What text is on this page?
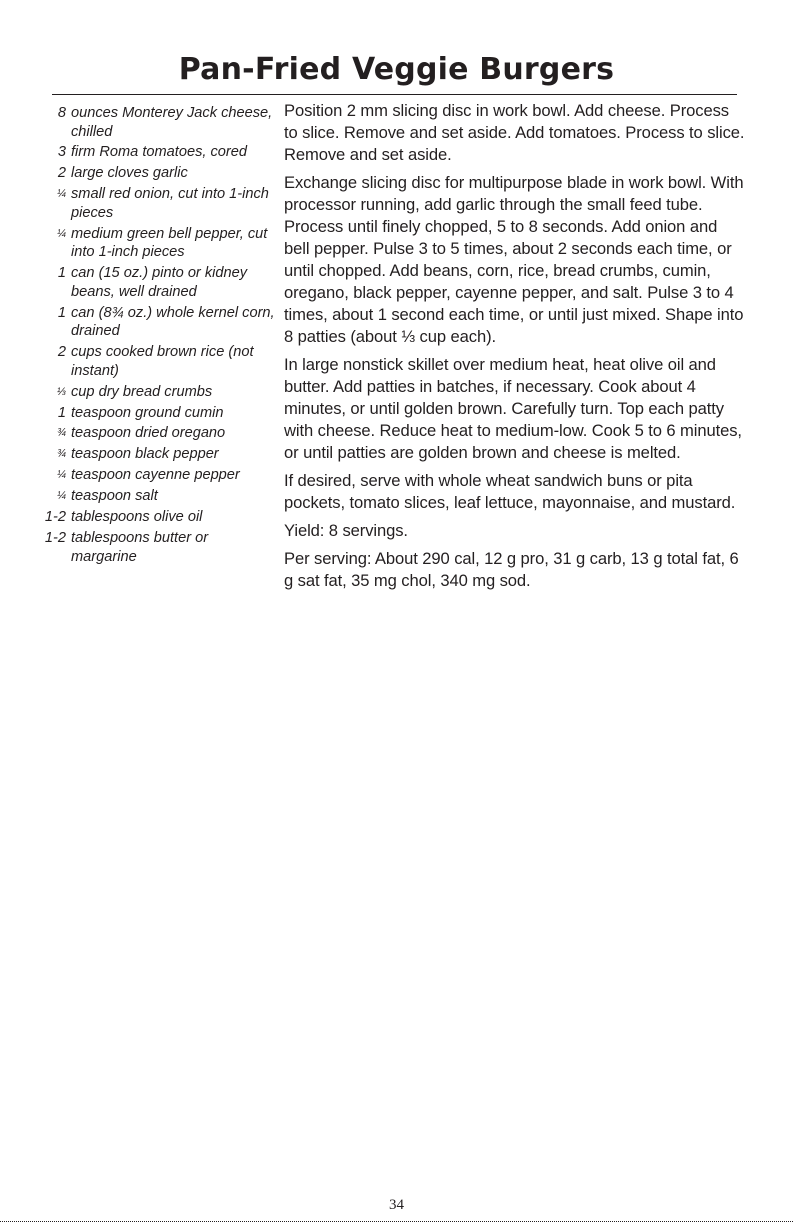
Pan-Fried Veggie Burgers
8 ounces Monterey Jack cheese, chilled
3 firm Roma tomatoes, cored
2 large cloves garlic
¼ small red onion, cut into 1-inch pieces
¼ medium green bell pepper, cut into 1-inch pieces
1 can (15 oz.) pinto or kidney beans, well drained
1 can (8¾ oz.) whole kernel corn, drained
2 cups cooked brown rice (not instant)
⅓ cup dry bread crumbs
1 teaspoon ground cumin
¾ teaspoon dried oregano
¾ teaspoon black pepper
¼ teaspoon cayenne pepper
¼ teaspoon salt
1-2 tablespoons olive oil
1-2 tablespoons butter or margarine

Position 2 mm slicing disc in work bowl. Add cheese. Process to slice. Remove and set aside. Add tomatoes. Process to slice. Remove and set aside.

Exchange slicing disc for multipurpose blade in work bowl. With processor running, add garlic through the small feed tube. Process until finely chopped, 5 to 8 seconds. Add onion and bell pepper. Pulse 3 to 5 times, about 2 seconds each time, or until chopped. Add beans, corn, rice, bread crumbs, cumin, oregano, black pepper, cayenne pepper, and salt. Pulse 3 to 4 times, about 1 second each time, or until just mixed. Shape into 8 patties (about ⅓ cup each).

In large nonstick skillet over medium heat, heat olive oil and butter. Add patties in batches, if necessary. Cook about 4 minutes, or until golden brown. Carefully turn. Top each patty with cheese. Reduce heat to medium-low. Cook 5 to 6 minutes, or until patties are golden brown and cheese is melted.

If desired, serve with whole wheat sandwich buns or pita pockets, tomato slices, leaf lettuce, mayonnaise, and mustard.

Yield: 8 servings.

Per serving: About 290 cal, 12 g pro, 31 g carb, 13 g total fat, 6 g sat fat, 35 mg chol, 340 mg sod.

34
